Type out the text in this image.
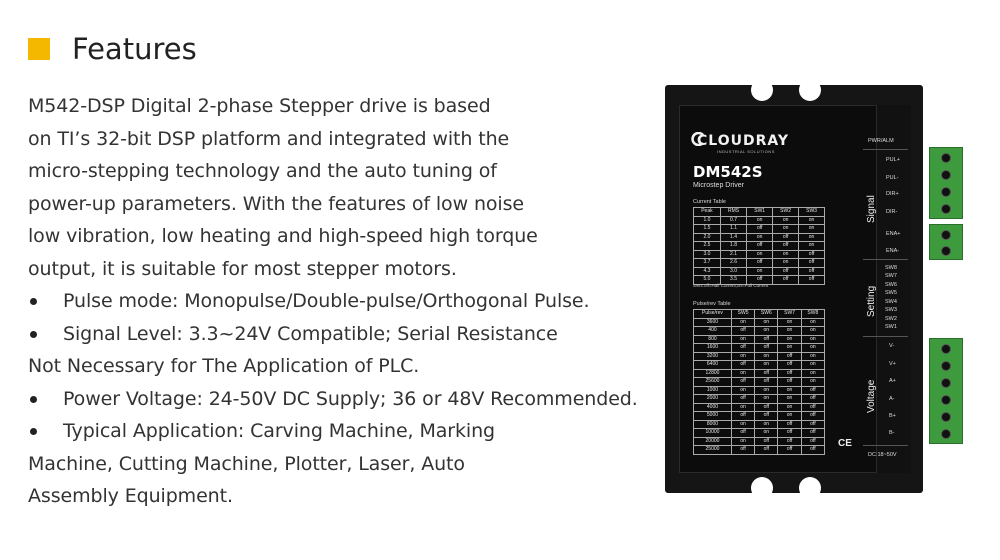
Features
M542-DSP Digital 2-phase Stepper drive is based
on TI’s 32-bit DSP platform and integrated with the
micro-stepping technology and the auto tuning of
power-up parameters. With the features of low noise
low vibration, low heating and high-speed high torque
output, it is suitable for most stepper motors.
Pulse mode: Monopulse/Double-pulse/Orthogonal Pulse.
Signal Level: 3.3~24V Compatible; Serial Resistance
Not Necessary for The Application of PLC.
Power Voltage: 24-50V DC Supply; 36 or 48V Recommended.
Typical Application: Carving Machine, Marking
Machine, Cutting Machine, Plotter, Laser, Auto
Assembly Equipment.
CLOUDRAY
INDUSTRIAL SOLUTIONS
DM542S
Microstep Driver
Current Table
Peak	RMS	SW1	SW2	SW3
1.0	0.7	on	on	on
1.5	1.1	off	on	on
2.0	1.4	on	off	on
2.5	1.8	off	off	on
3.0	2.1	on	on	off
3.7	2.6	off	on	off
4.3	3.0	on	off	off
5.0	3.5	off	off	off
SW4:off=Half Current;on=Full Current
Pulse/rev Table
Pulse/rev	SW5	SW6	SW7	SW8
3600	on	on	on	on
400	off	on	on	on
800	on	off	on	on
1600	off	off	on	on
3200	on	on	off	on
6400	off	on	off	on
12800	on	off	off	on
25600	off	off	off	on
1000	on	on	on	off
2000	off	on	on	off
4000	on	off	on	off
5000	off	off	on	off
8000	on	on	off	off
10000	off	on	off	off
20000	on	off	off	off
25000	off	off	off	off CE
PWR/ALM
PUL+
PUL-
DIR+
DIR-
ENA+
ENA-
Signal
SW8
SW7
SW6
SW5
SW4
SW3
SW2
SW1
Setting
V-
V+
A+
A-
B+
B-
Voltage
DC:18~50V
